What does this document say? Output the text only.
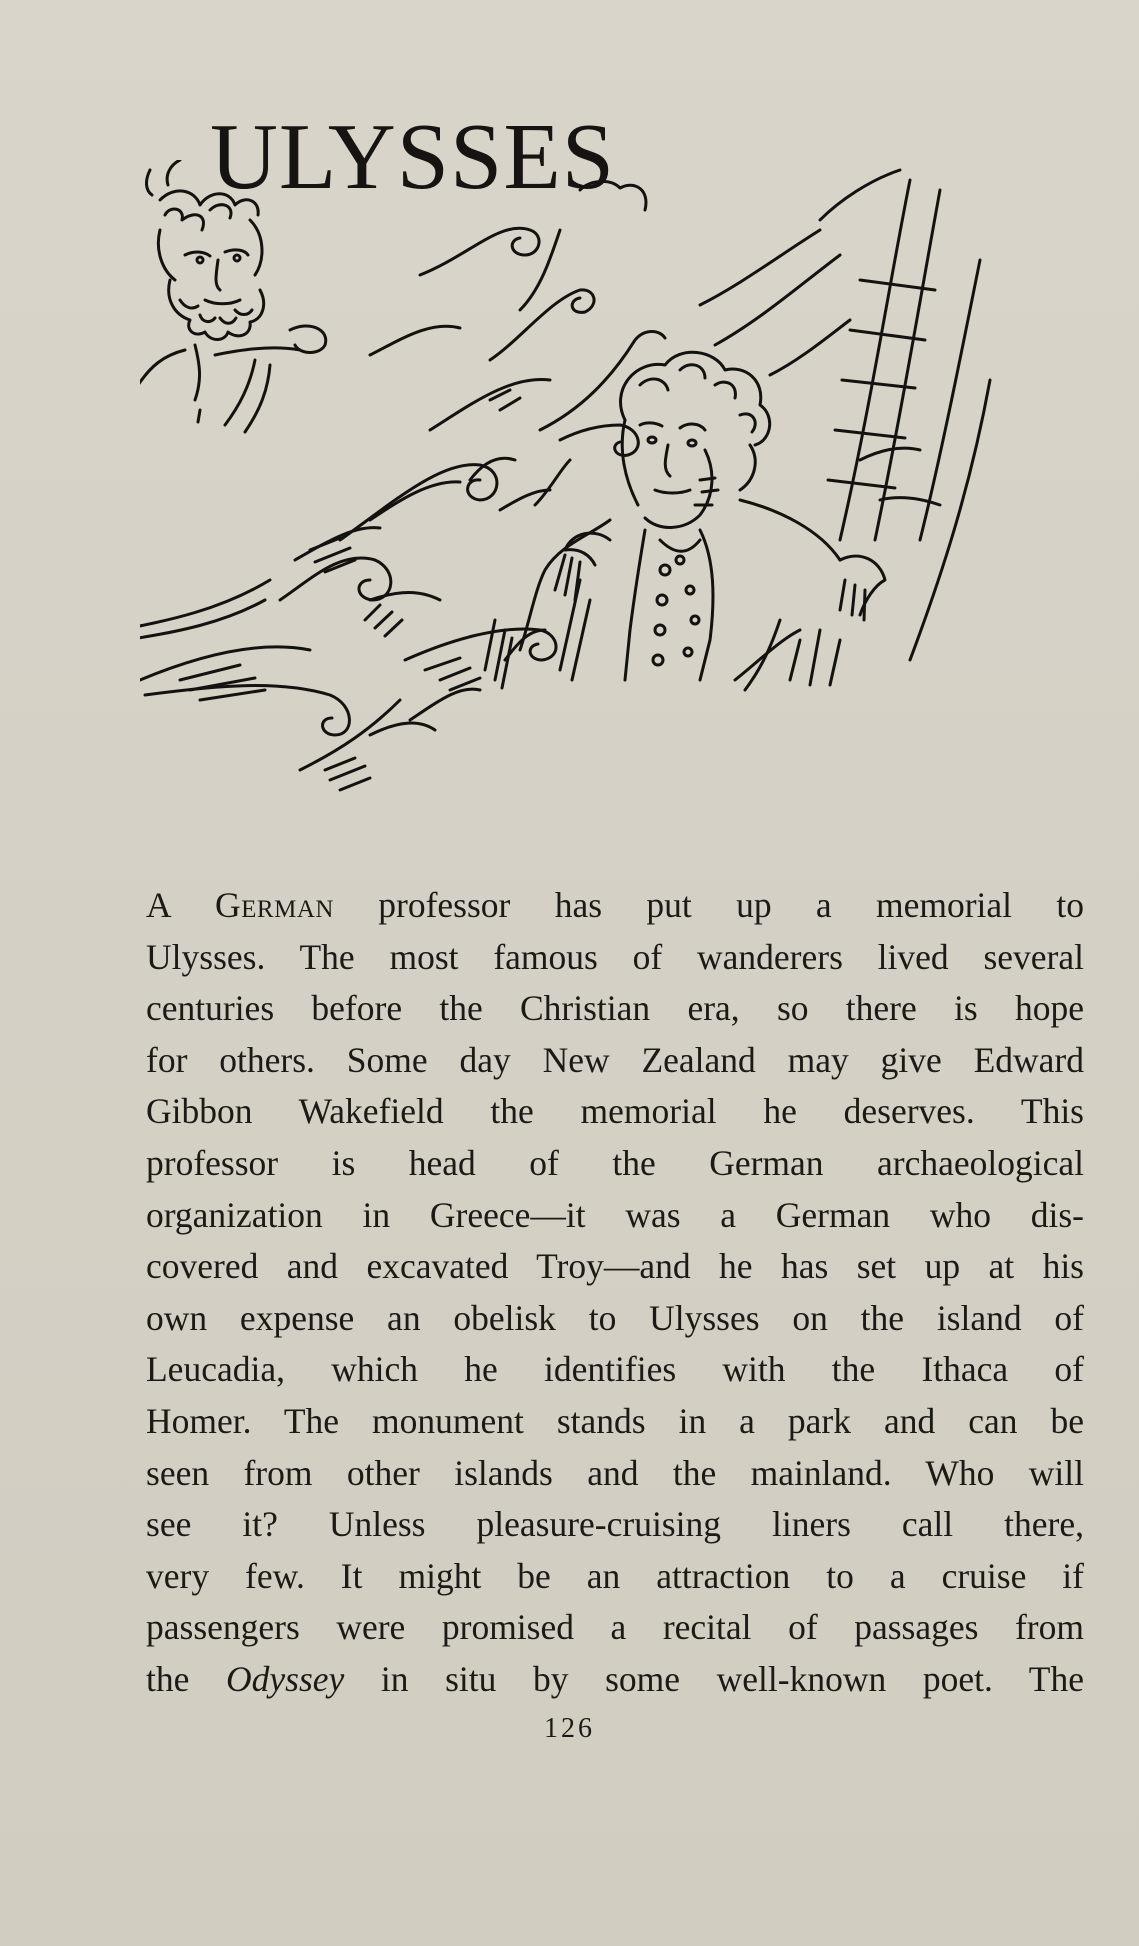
ULYSSES
A German professor has put up a memorial to
Ulysses. The most famous of wanderers lived several
centuries before the Christian era, so there is hope
for others. Some day New Zealand may give Edward
Gibbon Wakefield the memorial he deserves. This
professor is head of the German archaeological
organization in Greece—it was a German who dis-
covered and excavated Troy—and he has set up at his
own expense an obelisk to Ulysses on the island of
Leucadia, which he identifies with the Ithaca of
Homer. The monument stands in a park and can be
seen from other islands and the mainland. Who will
see it? Unless pleasure-cruising liners call there,
very few. It might be an attraction to a cruise if
passengers were promised a recital of passages from
the Odyssey in situ by some well-known poet. The
126
